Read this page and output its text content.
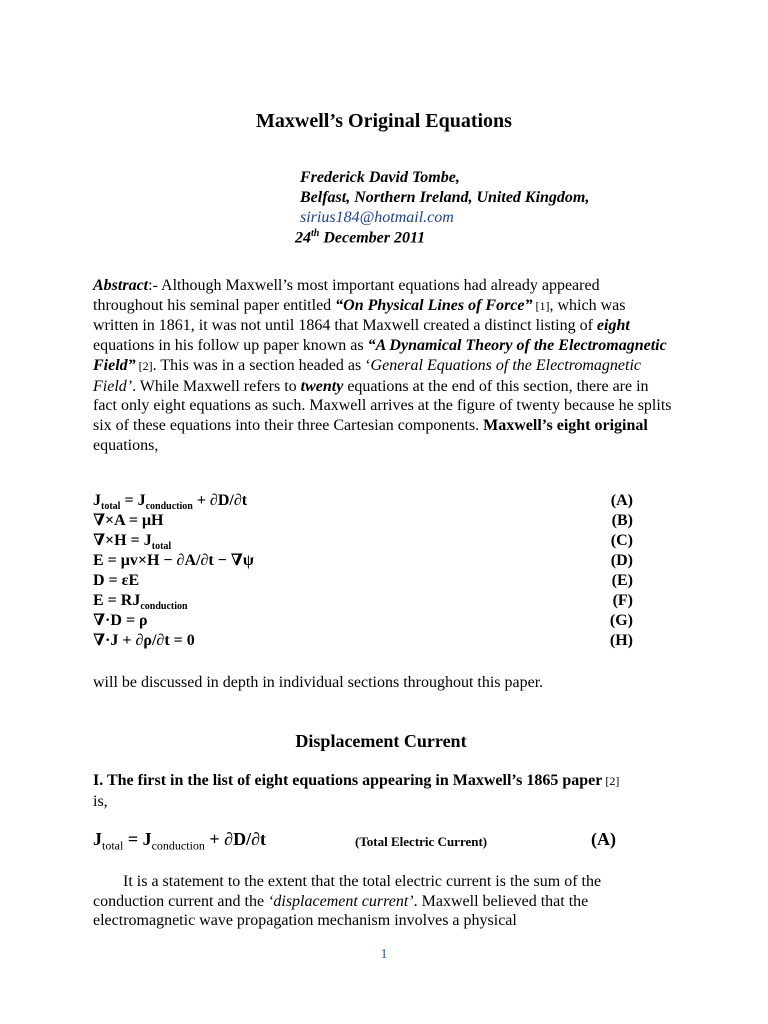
Maxwell’s Original Equations
Frederick David Tombe,
Belfast, Northern Ireland, United Kingdom,
sirius184@hotmail.com
24th December 2011
Abstract:- Although Maxwell’s most important equations had already appeared throughout his seminal paper entitled “On Physical Lines of Force” [1], which was written in 1861, it was not until 1864 that Maxwell created a distinct listing of eight equations in his follow up paper known as “A Dynamical Theory of the Electromagnetic Field” [2]. This was in a section headed as ‘General Equations of the Electromagnetic Field’. While Maxwell refers to twenty equations at the end of this section, there are in fact only eight equations as such. Maxwell arrives at the figure of twenty because he splits six of these equations into their three Cartesian components. Maxwell’s eight original equations,
$J_{total} = J_{conduction} + \partial D/\partial t$	(A)
∇×A = μH	(B)
$\nabla\times H = J_{total}$	(C)
E = μv×H − ∂A/∂t − ∇ψ	(D)
D = εE	(E)
$E = RJ_{conduction}$	(F)
∇·D = ρ	(G)
∇·J + ∂ρ/∂t = 0	(H)
will be discussed in depth in individual sections throughout this paper.
Displacement Current
I. The first in the list of eight equations appearing in Maxwell’s 1865 paper [2]
is,
$J_{total} = J_{conduction} + \partial D/\partial t$	(Total Electric Current)	(A)
It is a statement to the extent that the total electric current is the sum of the conduction current and the ‘displacement current’. Maxwell believed that the electromagnetic wave propagation mechanism involves a physical
1
